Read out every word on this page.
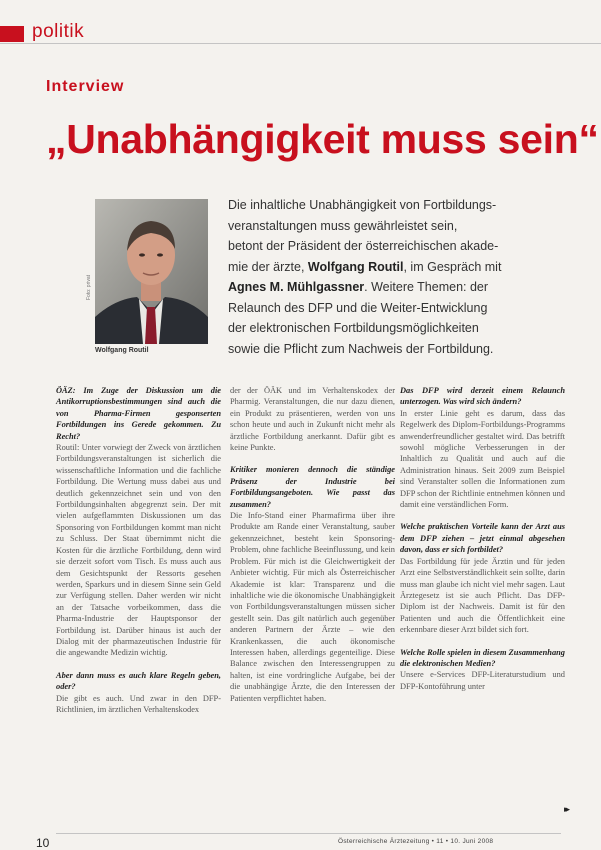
politik
Interview
„Unabhängigkeit muss sein“
Foto: privat
Wolfgang Routil
Die inhaltliche Unabhängigkeit von Fortbildungs-
veranstaltungen muss gewährleistet sein,
betont der Präsident der österreichischen akade-
mie der ärzte, Wolfgang Routil, im Gespräch mit
Agnes M. Mühlgassner. Weitere Themen: der
Relaunch des DFP und die Weiter-Entwicklung
der elektronischen Fortbildungsmöglichkeiten
sowie die Pflicht zum Nachweis der Fortbildung.

ÖÄZ: Im Zuge der Diskussion um die Antikorruptionsbestimmungen sind auch die von Pharma-Firmen gesponserten Fortbildungen ins Gerede gekommen. Zu Recht?

Routil: Unter vorwiegt der Zweck von ärztlichen Fortbildungsveranstaltungen ist sicherlich die wissenschaftliche Information und die fachliche Fortbildung. Die Wertung muss dabei aus und deutlich gekennzeichnet sein und von den Fortbildungsinhalten abgegrenzt sein. Der mit vielen aufgeflammten Diskussionen um das Sponsoring von Fortbildungen kommt man nicht zu Schluss. Der Staat übernimmt nicht die Kosten für die ärztliche Fortbildung, denn wird sie derzeit sofort vom Tisch. Es muss auch aus dem Gesichtspunkt der Ressorts gesehen werden, Sparkurs und in diesem Sinne sein Geld zur Verfügung stellen. Daher werden wir nicht an der Tatsache vorbeikommen, dass die Pharma-Industrie der Hauptsponsor der Fortbildung ist. Darüber hinaus ist auch der Dialog mit der pharmazeutischen Industrie für die angewandte Medizin wichtig.

Aber dann muss es auch klare Regeln geben, oder?

Die gibt es auch. Und zwar in den DFP-Richtlinien, im ärztlichen Verhaltenskodex

der der ÖÄK und im Verhaltenskodex der Pharmig. Veranstaltungen, die nur dazu dienen, ein Produkt zu präsentieren, werden von uns schon heute und auch in Zukunft nicht mehr als ärztliche Fortbildung anerkannt. Dafür gibt es keine Punkte.

Kritiker monieren dennoch die ständige Präsenz der Industrie bei Fortbildungsangeboten. Wie passt das zusammen?

Die Info-Stand einer Pharmafirma über ihre Produkte am Rande einer Veranstaltung, sauber gekennzeichnet, besteht kein Sponsoring-Problem, ohne fachliche Beeinflussung, und kein Problem. Für mich ist die Gleichwertigkeit der Anbieter wichtig. Für mich als Österreichischer Akademie ist klar: Transparenz und die inhaltliche wie die ökonomische Unabhängigkeit von Fortbildungsveranstaltungen müssen sicher gestellt sein. Das gilt natürlich auch gegenüber anderen Partnern der Ärzte – wie den Krankenkassen, die auch ökonomische Interessen haben, allerdings gegenteilige. Diese Balance zwischen den Interessengruppen zu halten, ist eine vordringliche Aufgabe, bei der die unabhängige Ärzte, die den Interessen der Patienten verpflichtet haben.

Das DFP wird derzeit einem Relaunch unterzogen. Was wird sich ändern?

In erster Linie geht es darum, dass das Regelwerk des Diplom-Fortbildungs-Programms anwenderfreundlicher gestaltet wird. Das betrifft sowohl mögliche Verbesserungen in der Inhaltlich zu Qualität und auch auf die Administration hinaus. Seit 2009 zum Beispiel sind Veranstalter sollen die Informationen zum DFP schon der Richtlinie entnehmen können und damit eine verständlichen Form.

Welche praktischen Vorteile kann der Arzt aus dem DFP ziehen – jetzt einmal abgesehen davon, dass er sich fortbildet?

Das Fortbildung für jede Ärztin und für jeden Arzt eine Selbstverständlichkeit sein sollte, darin muss man glaube ich nicht viel mehr sagen. Laut Ärztegesetz ist sie auch Pflicht. Das DFP-Diplom ist der Nachweis. Damit ist für den Patienten und auch die Öffentlichkeit eine erkennbare dieser Arzt bildet sich fort.

Welche Rolle spielen in diesem Zusammenhang die elektronischen Medien?

Unsere e-Services DFP-Literaturstudium und DFP-Kontoführung unter

▸▸
10	Österreichische Ärztezeitung • 11 • 10. Juni 2008
